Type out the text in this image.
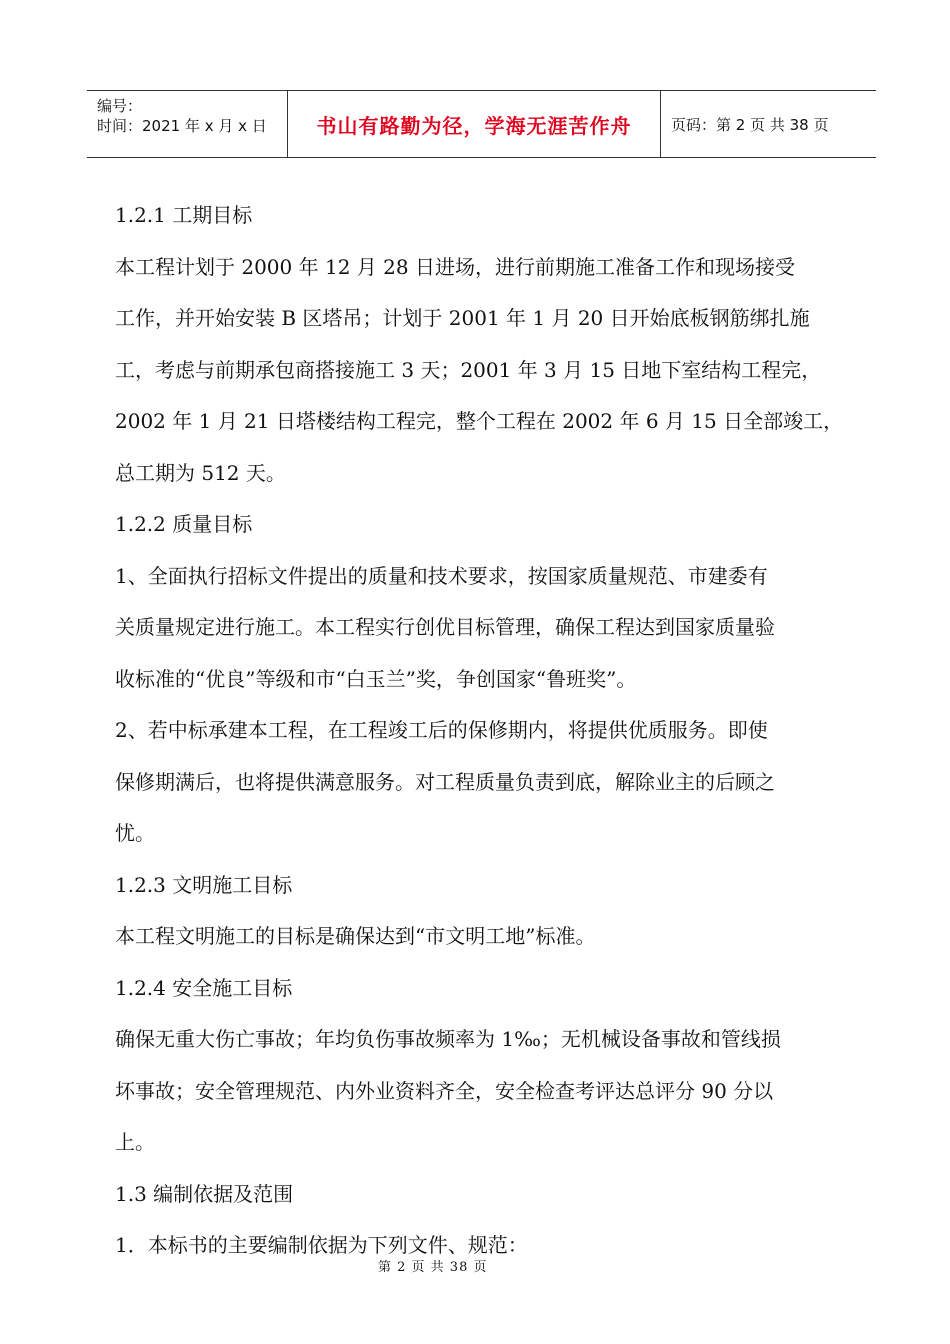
编号：
时间：2021 年 x 月 x 日	书山有路勤为径，学海无涯苦作舟	页码：第 2 页 共 38 页

1.2.1 工期目标

本工程计划于 2000 年 12 月 28 日进场，进行前期施工准备工作和现场接受

工作，并开始安装 B 区塔吊；计划于 2001 年 1 月 20 日开始底板钢筋绑扎施

工，考虑与前期承包商搭接施工 3 天；2001 年 3 月 15 日地下室结构工程完，

2002 年 1 月 21 日塔楼结构工程完，整个工程在 2002 年 6 月 15 日全部竣工，

总工期为 512 天。

1.2.2 质量目标

1、全面执行招标文件提出的质量和技术要求，按国家质量规范、市建委有

关质量规定进行施工。本工程实行创优目标管理，确保工程达到国家质量验

收标准的“优良”等级和市“白玉兰”奖，争创国家“鲁班奖”。

2、若中标承建本工程，在工程竣工后的保修期内，将提供优质服务。即使

保修期满后，也将提供满意服务。对工程质量负责到底，解除业主的后顾之

忧。

1.2.3 文明施工目标

本工程文明施工的目标是确保达到“市文明工地”标准。

1.2.4 安全施工目标

确保无重大伤亡事故；年均负伤事故频率为 1‰；无机械设备事故和管线损

坏事故；安全管理规范、内外业资料齐全，安全检查考评达总评分 90 分以

上。

1.3 编制依据及范围

1．本标书的主要编制依据为下列文件、规范：

第 2 页 共 38 页
